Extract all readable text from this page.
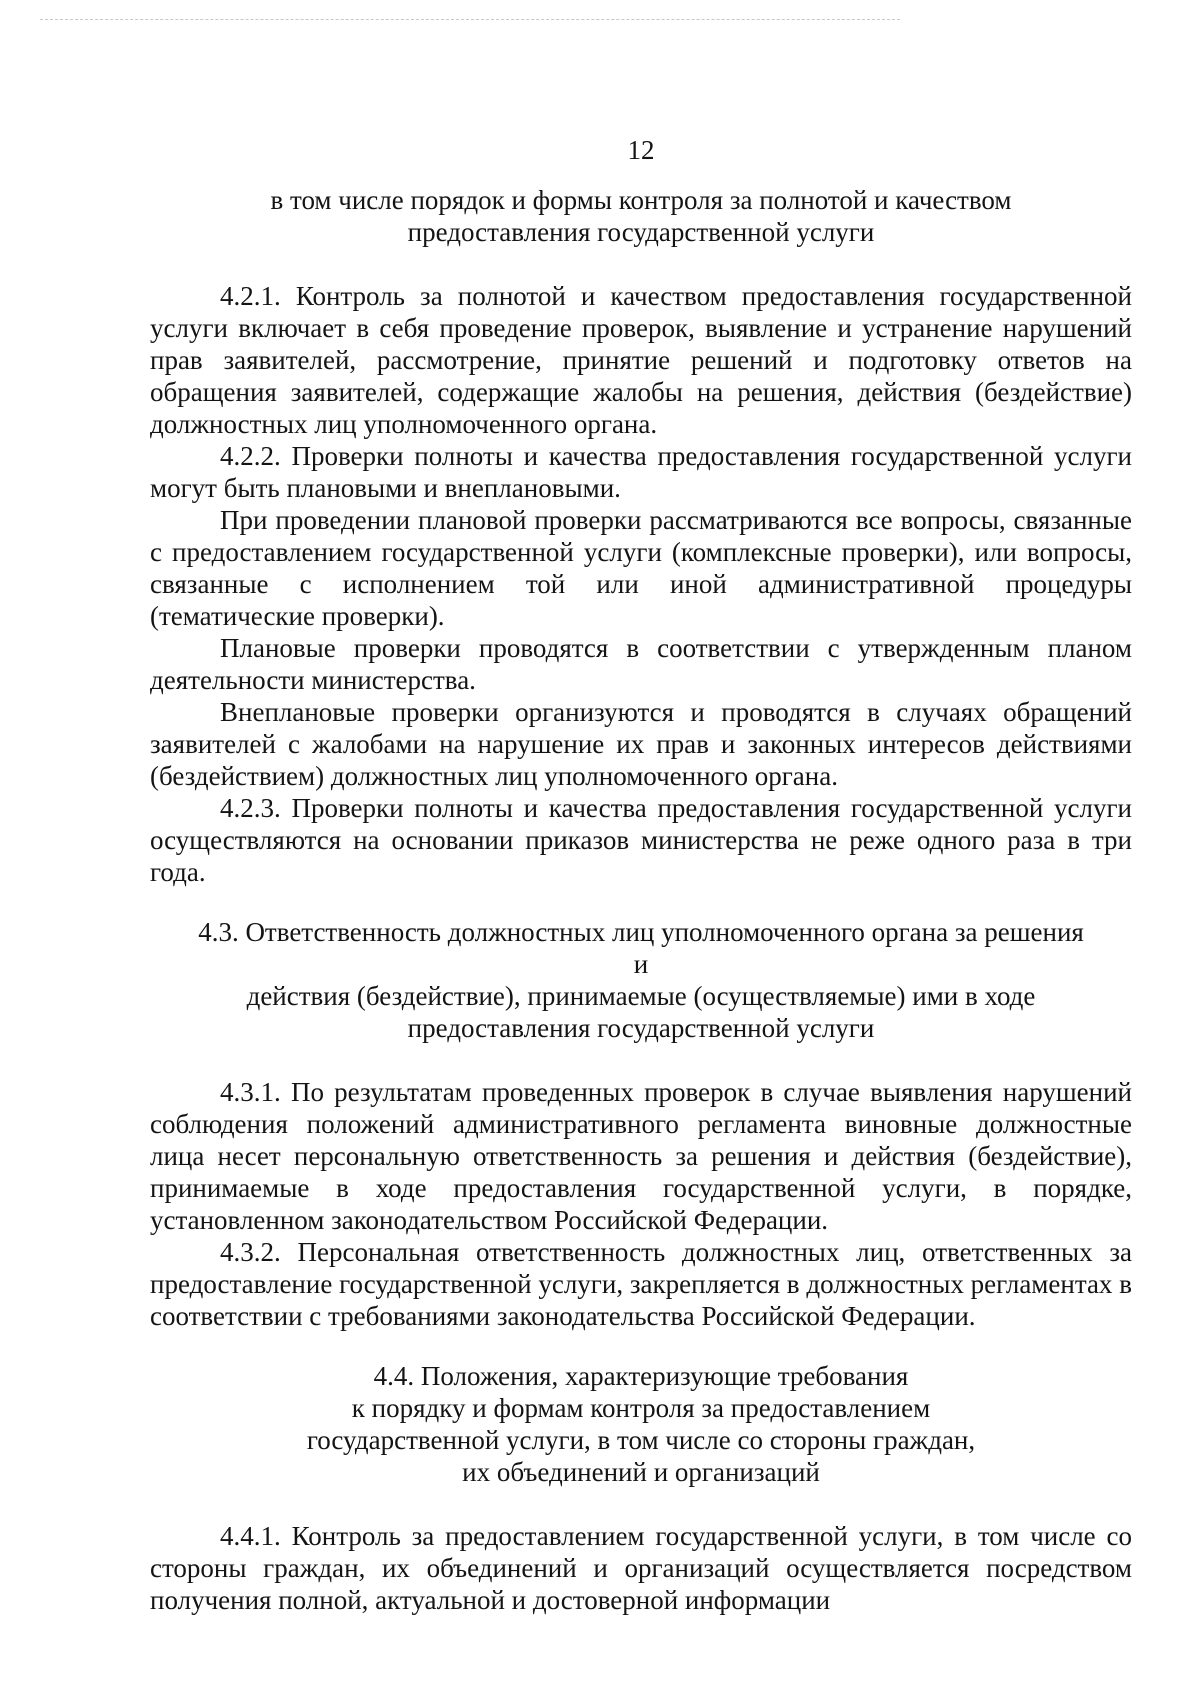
12

в том числе порядок и формы контроля за полнотой и качеством

предоставления государственной услуги

4.2.1. Контроль за полнотой и качеством предоставления государственной услуги включает в себя проведение проверок, выявление и устранение нарушений прав заявителей, рассмотрение, принятие решений и подготовку ответов на обращения заявителей, содержащие жалобы на решения, действия (бездействие) должностных лиц уполномоченного органа.

4.2.2. Проверки полноты и качества предоставления государственной услуги могут быть плановыми и внеплановыми.

При проведении плановой проверки рассматриваются все вопросы, связанные с предоставлением государственной услуги (комплексные проверки), или вопросы, связанные с исполнением той или иной административной процедуры (тематические проверки).

Плановые проверки проводятся в соответствии с утвержденным планом деятельности министерства.

Внеплановые проверки организуются и проводятся в случаях обращений заявителей с жалобами на нарушение их прав и законных интересов действиями (бездействием) должностных лиц уполномоченного органа.

4.2.3. Проверки полноты и качества предоставления государственной услуги осуществляются на основании приказов министерства не реже одного раза в три года.

4.3. Ответственность должностных лиц уполномоченного органа за решения и

действия (бездействие), принимаемые (осуществляемые) ими в ходе

предоставления государственной услуги

4.3.1. По результатам проведенных проверок в случае выявления нарушений соблюдения положений административного регламента виновные должностные лица несет персональную ответственность за решения и действия (бездействие), принимаемые в ходе предоставления государственной услуги, в порядке, установленном законодательством Российской Федерации.

4.3.2. Персональная ответственность должностных лиц, ответственных за предоставление государственной услуги, закрепляется в должностных регламентах в соответствии с требованиями законодательства Российской Федерации.

4.4. Положения, характеризующие требования

к порядку и формам контроля за предоставлением

государственной услуги, в том числе со стороны граждан,

их объединений и организаций

4.4.1. Контроль за предоставлением государственной услуги, в том числе со стороны граждан, их объединений и организаций осуществляется посредством получения полной, актуальной и достоверной информации
